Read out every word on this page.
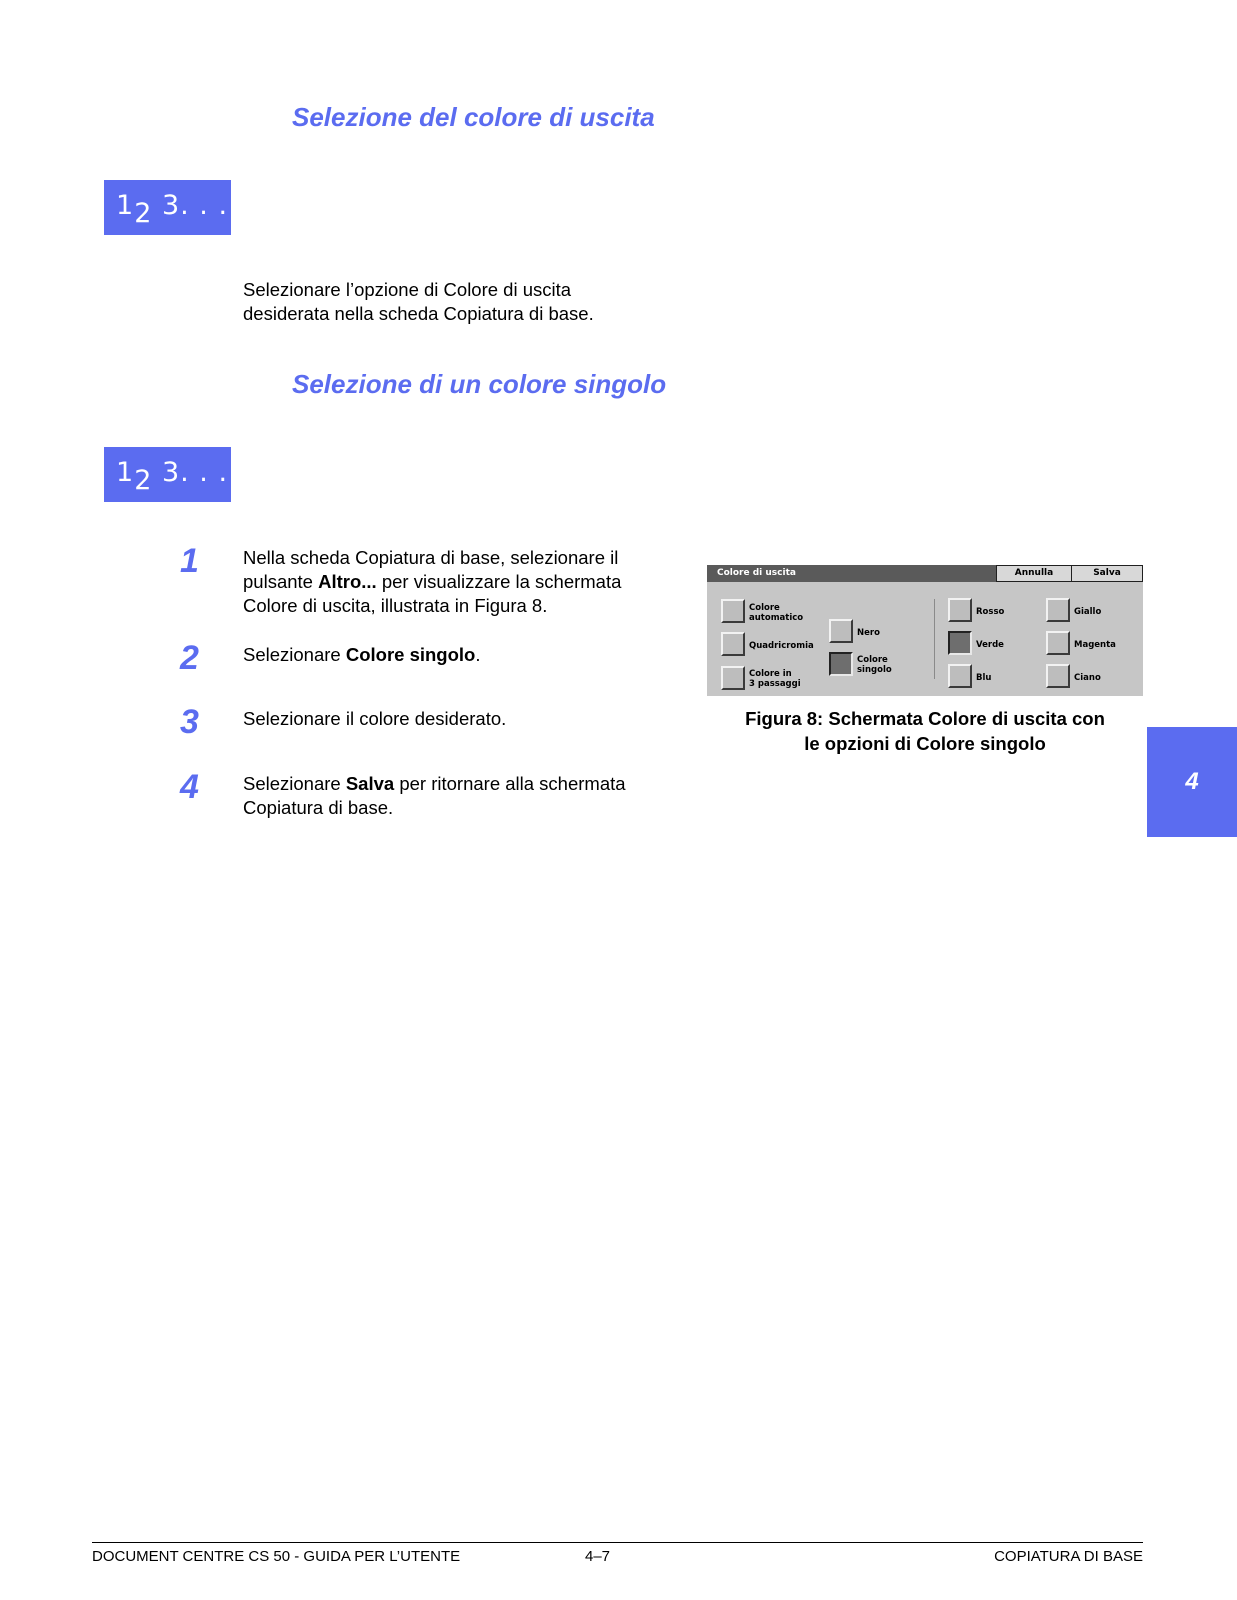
Selezione del colore di uscita
$1_2$ 3. . .

Selezionare l’opzione di Colore di uscita
desiderata nella scheda Copiatura di base.

Selezione di un colore singolo
$1_2$ 3. . .
1 Nella scheda Copiatura di base, selezionare il
pulsante Altro... per visualizzare la schermata
Colore di uscita, illustrata in Figura 8.
2 Selezionare Colore singolo.
3 Selezionare il colore desiderato.
4 Selezionare Salva per ritornare alla schermata
Copiatura di base.
Colore di uscita	Annulla	Salva
Colore
automatico
Quadricromia
Colore in
3 passaggi
Nero
Colore
singolo
Rosso
Verde
Blu
Giallo
Magenta
Ciano
Figura 8: Schermata Colore di uscita con
le opzioni di Colore singolo
4
DOCUMENT CENTRE CS 50 - GUIDA PER L’UTENTE	4–7	COPIATURA DI BASE
